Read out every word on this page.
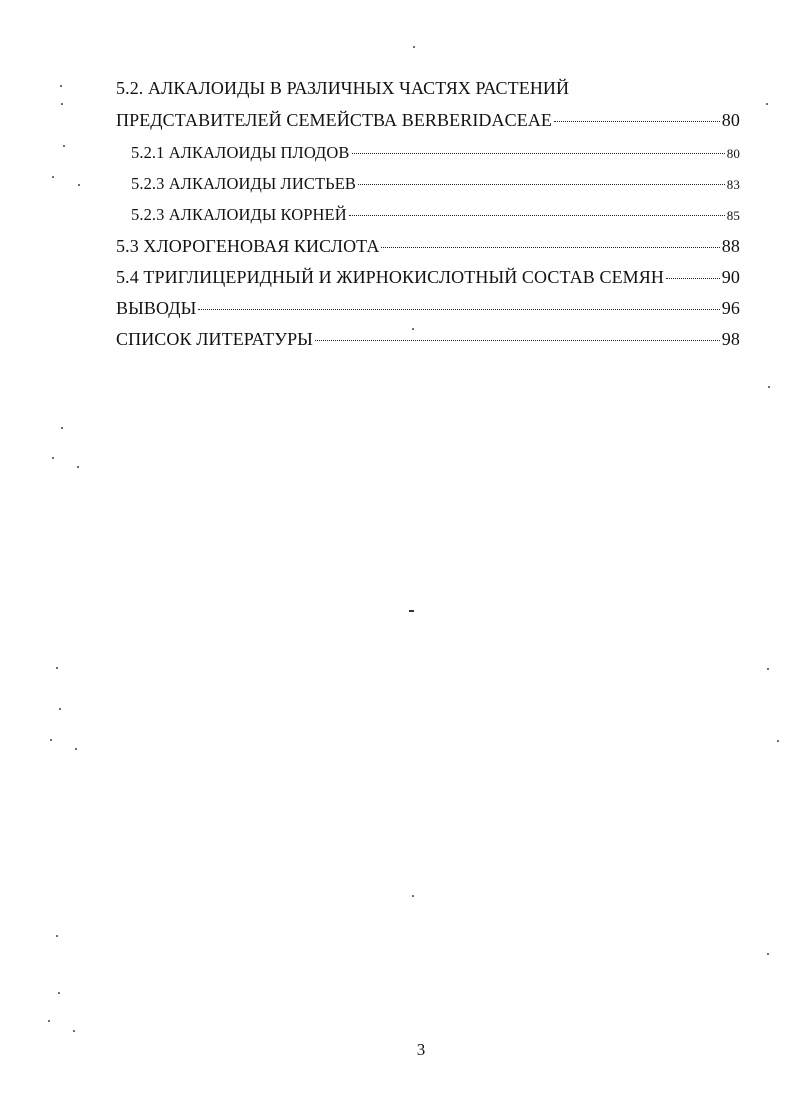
5.2. АЛКАЛОИДЫ В РАЗЛИЧНЫХ ЧАСТЯХ РАСТЕНИЙ
ПРЕДСТАВИТЕЛЕЙ СЕМЕЙСТВА BERBERIDACEAE	80
5.2.1 АЛКАЛОИДЫ ПЛОДОВ	80
5.2.3 АЛКАЛОИДЫ ЛИСТЬЕВ	83
5.2.3 АЛКАЛОИДЫ КОРНЕЙ	85
5.3 ХЛОРОГЕНОВАЯ КИСЛОТА	88
5.4 ТРИГЛИЦЕРИДНЫЙ И ЖИРНОКИСЛОТНЫЙ СОСТАВ СЕМЯН	90
ВЫВОДЫ	96
СПИСОК ЛИТЕРАТУРЫ	98
3
